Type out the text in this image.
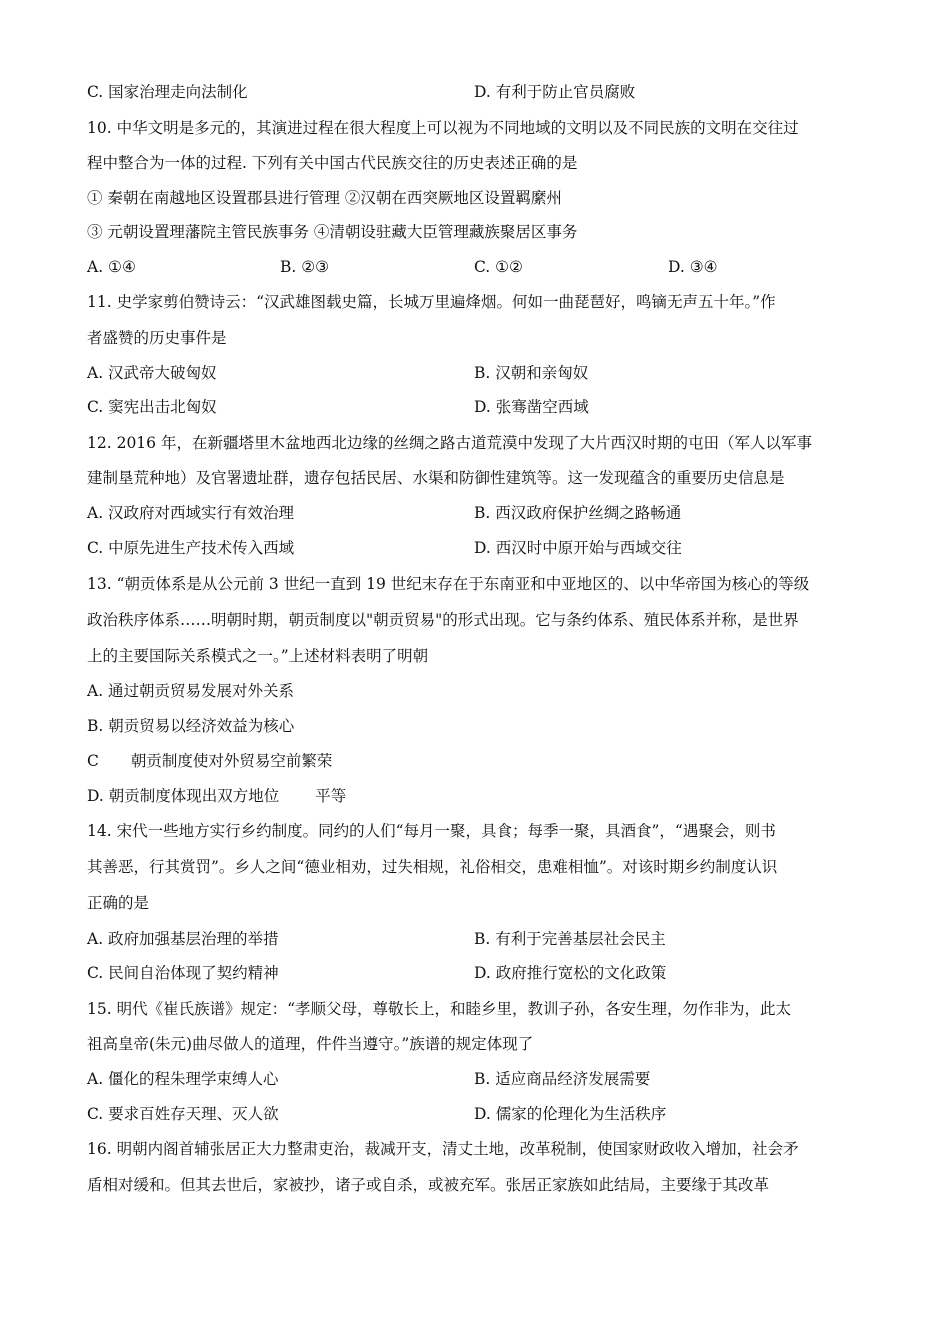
C. 国家治理走向法制化	D. 有利于防止官员腐败
10. 中华文明是多元的，其演进过程在很大程度上可以视为不同地域的文明以及不同民族的文明在交往过
程中整合为一体的过程. 下列有关中国古代民族交往的历史表述正确的是
① 秦朝在南越地区设置郡县进行管理 ②汉朝在西突厥地区设置羁縻州
③ 元朝设置理藩院主管民族事务 ④清朝设驻藏大臣管理藏族聚居区事务
A. ①④	B. ②③	C. ①②	D. ③④
11. 史学家剪伯赞诗云：“汉武雄图载史篇，长城万里遍烽烟。何如一曲琵琶好，鸣镝无声五十年。”作
者盛赞的历史事件是
A. 汉武帝大破匈奴	B. 汉朝和亲匈奴
C. 窦宪出击北匈奴	D. 张骞凿空西域
12. 2016 年，在新疆塔里木盆地西北边缘的丝绸之路古道荒漠中发现了大片西汉时期的屯田（军人以军事
建制垦荒种地）及官署遗址群，遗存包括民居、水渠和防御性建筑等。这一发现蕴含的重要历史信息是
A. 汉政府对西域实行有效治理	B. 西汉政府保护丝绸之路畅通
C. 中原先进生产技术传入西域	D. 西汉时中原开始与西域交往
13. “朝贡体系是从公元前 3 世纪一直到 19 世纪末存在于东南亚和中亚地区的、以中华帝国为核心的等级
政治秩序体系……明朝时期，朝贡制度以"朝贡贸易"的形式出现。它与条约体系、殖民体系并称，是世界
上的主要国际关系模式之一。”上述材料表明了明朝
A. 通过朝贡贸易发展对外关系
B. 朝贡贸易以经济效益为核心
C 朝贡制度使对外贸易空前繁荣
D. 朝贡制度体现出双方地位 平等
14. 宋代一些地方实行乡约制度。同约的人们“每月一聚，具食；每季一聚，具酒食”，“遇聚会，则书
其善恶，行其赏罚”。乡人之间“德业相劝，过失相规，礼俗相交，患难相恤”。对该时期乡约制度认识
正确的是
A. 政府加强基层治理的举措	B. 有利于完善基层社会民主
C. 民间自治体现了契约精神	D. 政府推行宽松的文化政策
15. 明代《崔氏族谱》规定：“孝顺父母，尊敬长上，和睦乡里，教训子孙，各安生理，勿作非为，此太
祖高皇帝(朱元)曲尽做人的道理，件件当遵守。”族谱的规定体现了
A. 僵化的程朱理学束缚人心	B. 适应商品经济发展需要
C. 要求百姓存天理、灭人欲	D. 儒家的伦理化为生活秩序
16. 明朝内阁首辅张居正大力整肃吏治，裁减开支，清丈土地，改革税制，使国家财政收入增加，社会矛
盾相对缓和。但其去世后，家被抄，诸子或自杀，或被充军。张居正家族如此结局，主要缘于其改革
